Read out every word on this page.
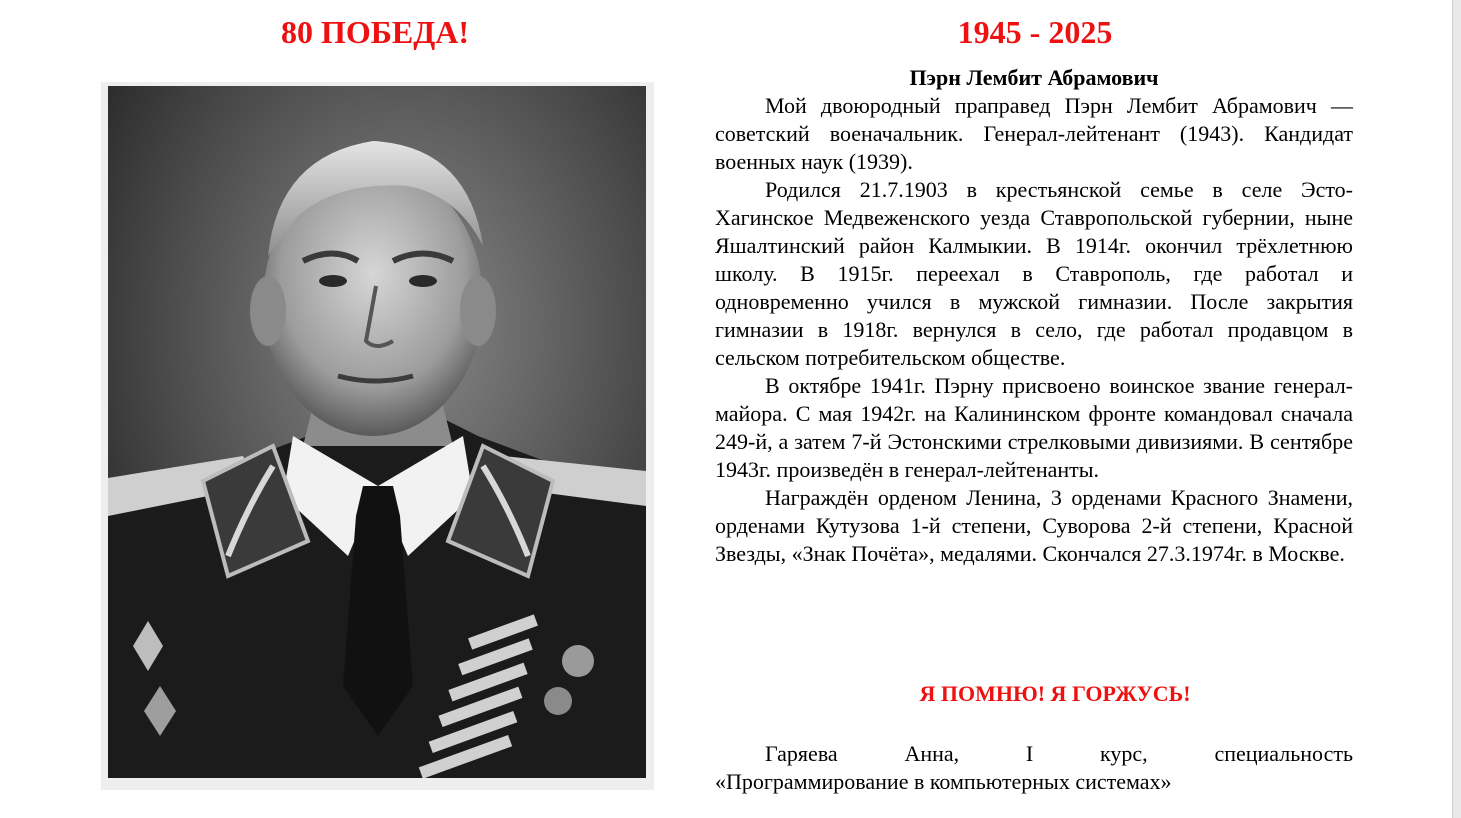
80 ПОБЕДА!	1945 - 2025

Пэрн Лембит Абрамович

Мой двоюродный праправед Пэрн Лембит Абрамович — советский военачальник. Генерал-лейтенант (1943). Кандидат военных наук (1939).

Родился 21.7.1903 в крестьянской семье в селе Эсто-Хагинское Медвеженского уезда Ставропольской губернии, ныне Яшалтинский район Калмыкии. В 1914г. окончил трёхлетнюю школу. В 1915г. переехал в Ставрополь, где работал и одновременно учился в мужской гимназии. После закрытия гимназии в 1918г. вернулся в село, где работал продавцом в сельском потребительском обществе.

В октябре 1941г. Пэрну присвоено воинское звание генерал-майора. С мая 1942г. на Калининском фронте командовал сначала 249-й, а затем 7-й Эстонскими стрелковыми дивизиями. В сентябре 1943г. произведён в генерал-лейтенанты.

Награждён орденом Ленина, 3 орденами Красного Знамени, орденами Кутузова 1-й степени, Суворова 2-й степени, Красной Звезды, «Знак Почёта», медалями. Скончался 27.3.1974г. в Москве.

Я ПОМНЮ! Я ГОРЖУСЬ!

Гаряева Анна, I курс, специальность

«Программирование в компьютерных системах»
